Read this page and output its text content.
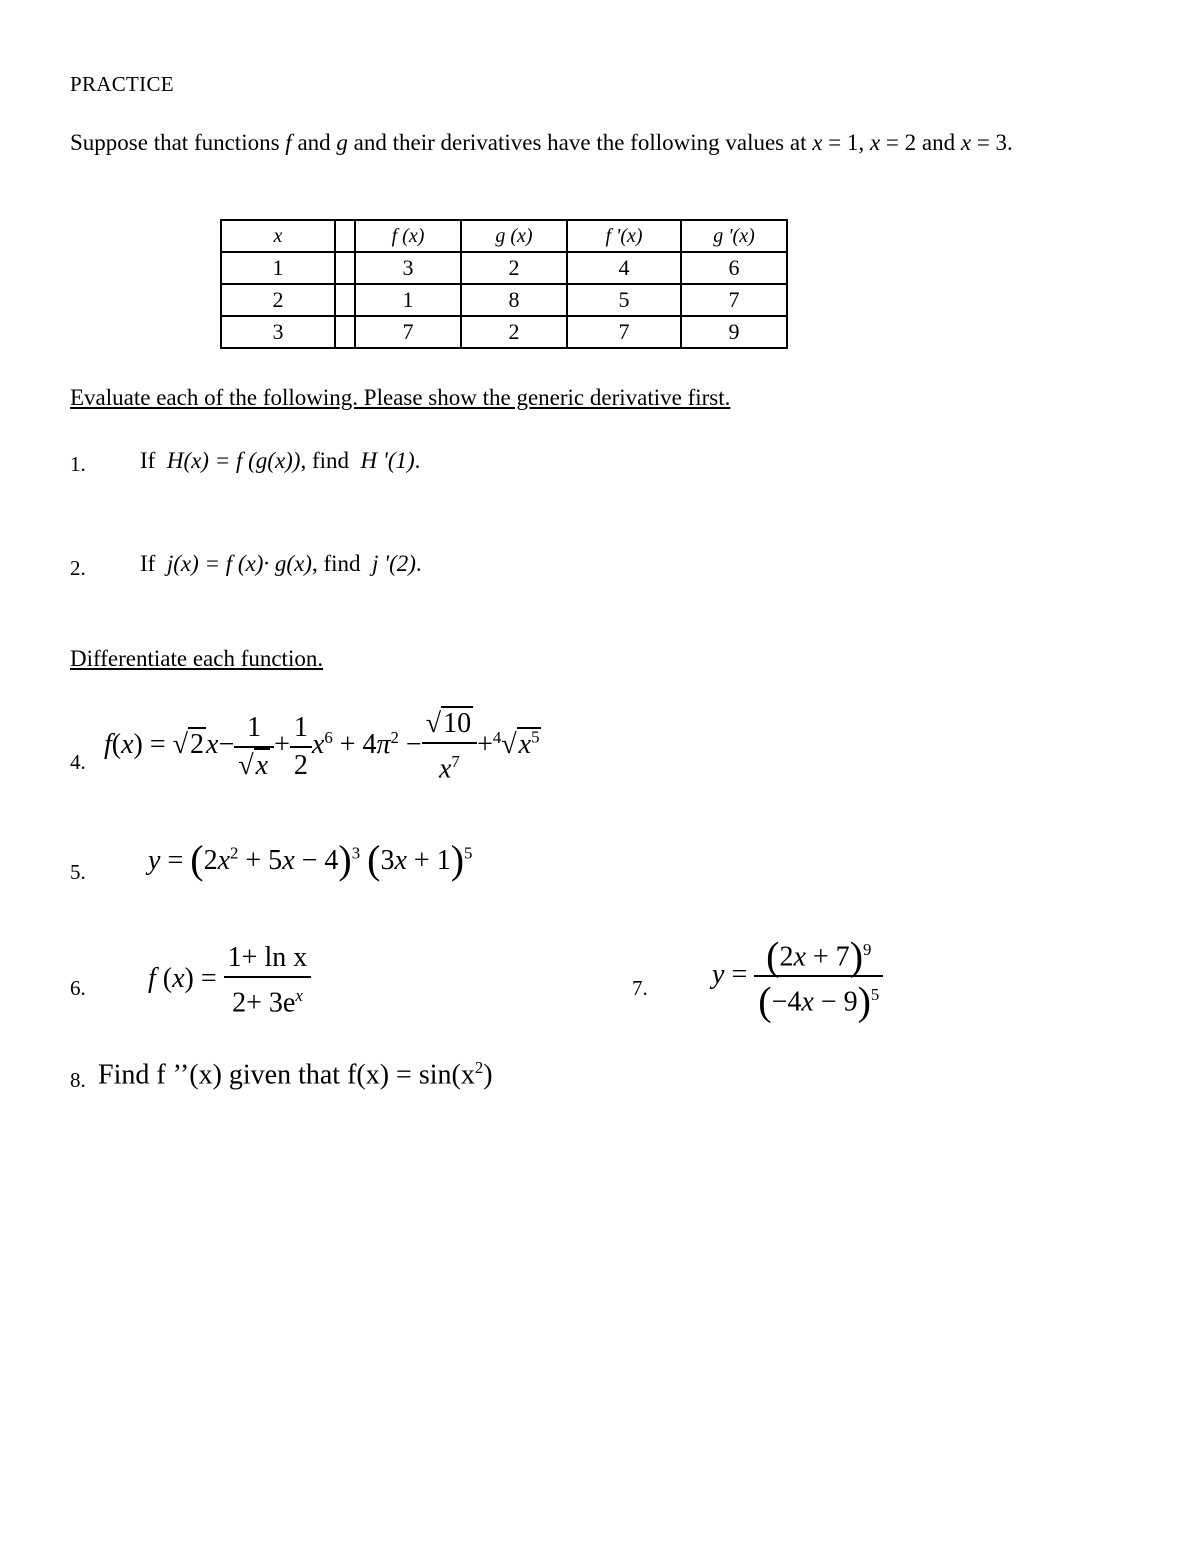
PRACTICE
Suppose that functions f and g and their derivatives have the following values at x = 1, x = 2 and x = 3.
x		f (x)	g (x)	f '(x)	g '(x)
1		3	2	4	6
2		1	8	5	7
3		7	2	7	9
Evaluate each of the following. Please show the generic derivative first.
1. If H(x) = f (g(x)), find H '(1).
2. If j(x) = f (x)· g(x), find j '(2).
Differentiate each function.
4.
$f(x) = √2x- \frac{1}{√x} + \frac{1}{2} x^6 + 4\pi^2 - \frac{√10}{x^7} +^4√x^5$
5. $y = (2x^2 + 5x - 4)^3$ $(3x + 1)^5$
6. f $(x) = \frac{\text{1+ ln x}}{2+ 3e^x}$	7. $y = \frac{(2x + 7)^9}{(-4x - 9)^5}$
8. Find f ’’(x) given that $f(x) = \sin(x^2)$
